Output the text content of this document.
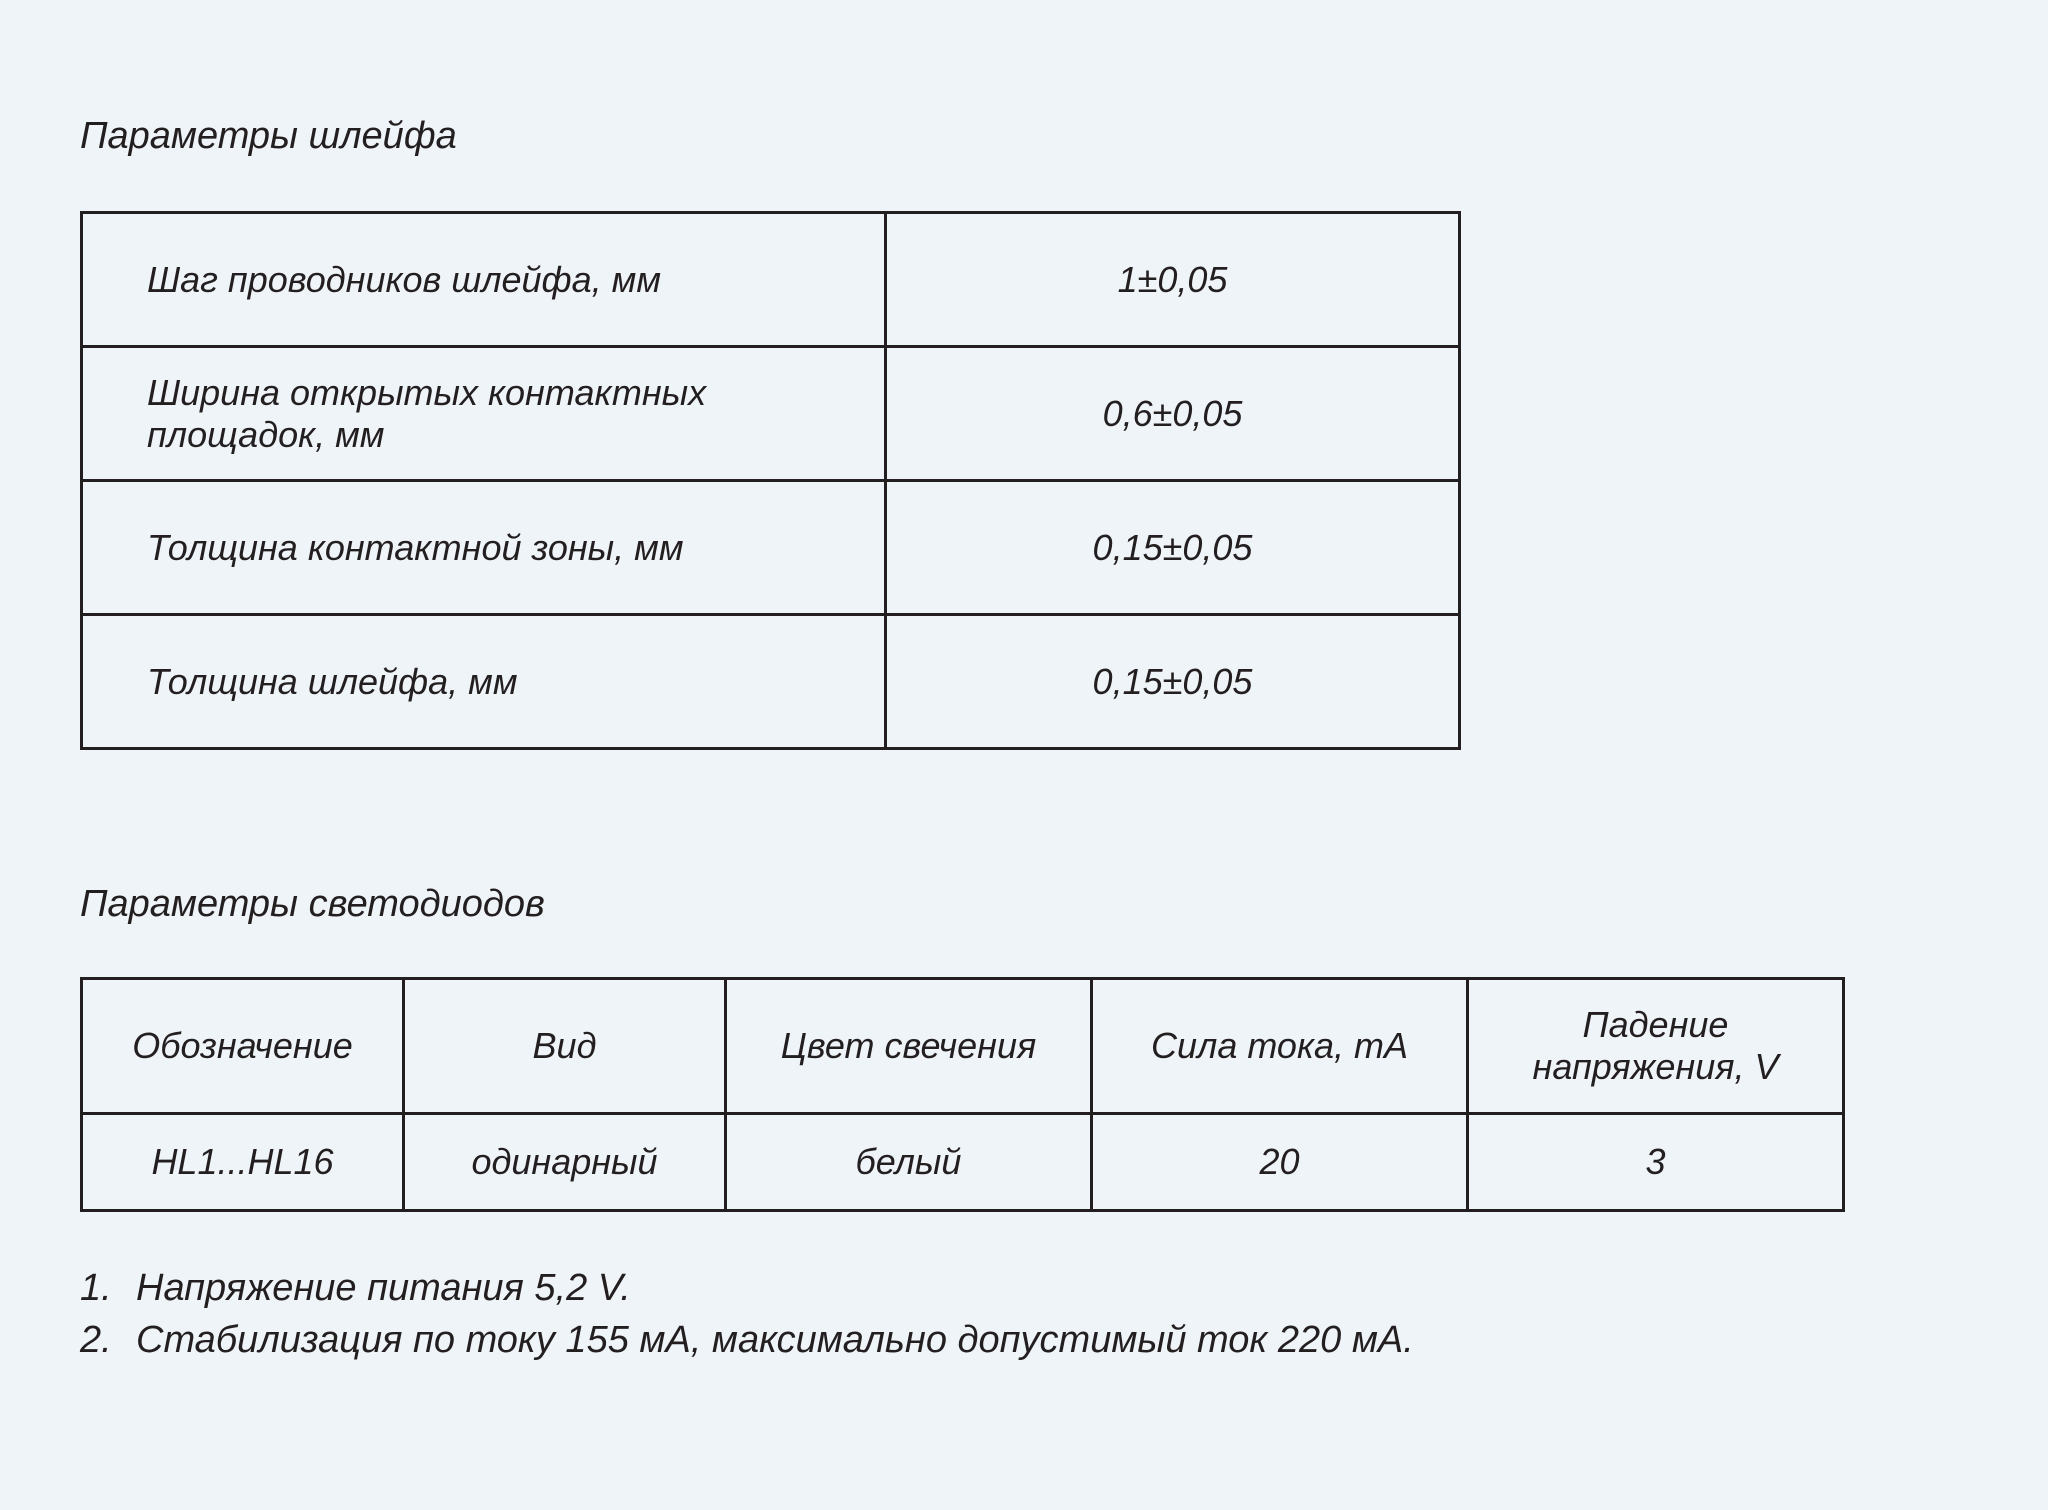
Параметры шлейфа
Шаг проводников шлейфа, мм	1±0,05
Ширина открытых контактных площадок, мм	0,6±0,05
Толщина контактной зоны, мм	0,15±0,05
Толщина шлейфа, мм	0,15±0,05
Параметры светодиодов
Обозначение	Вид	Цвет свечения	Сила тока, mA	Падение напряжения, V
HL1...HL16	одинарный	белый	20	3
1. Напряжение питания 5,2 V.
2. Стабилизация по току 155 мА, максимально допустимый ток 220 мА.
